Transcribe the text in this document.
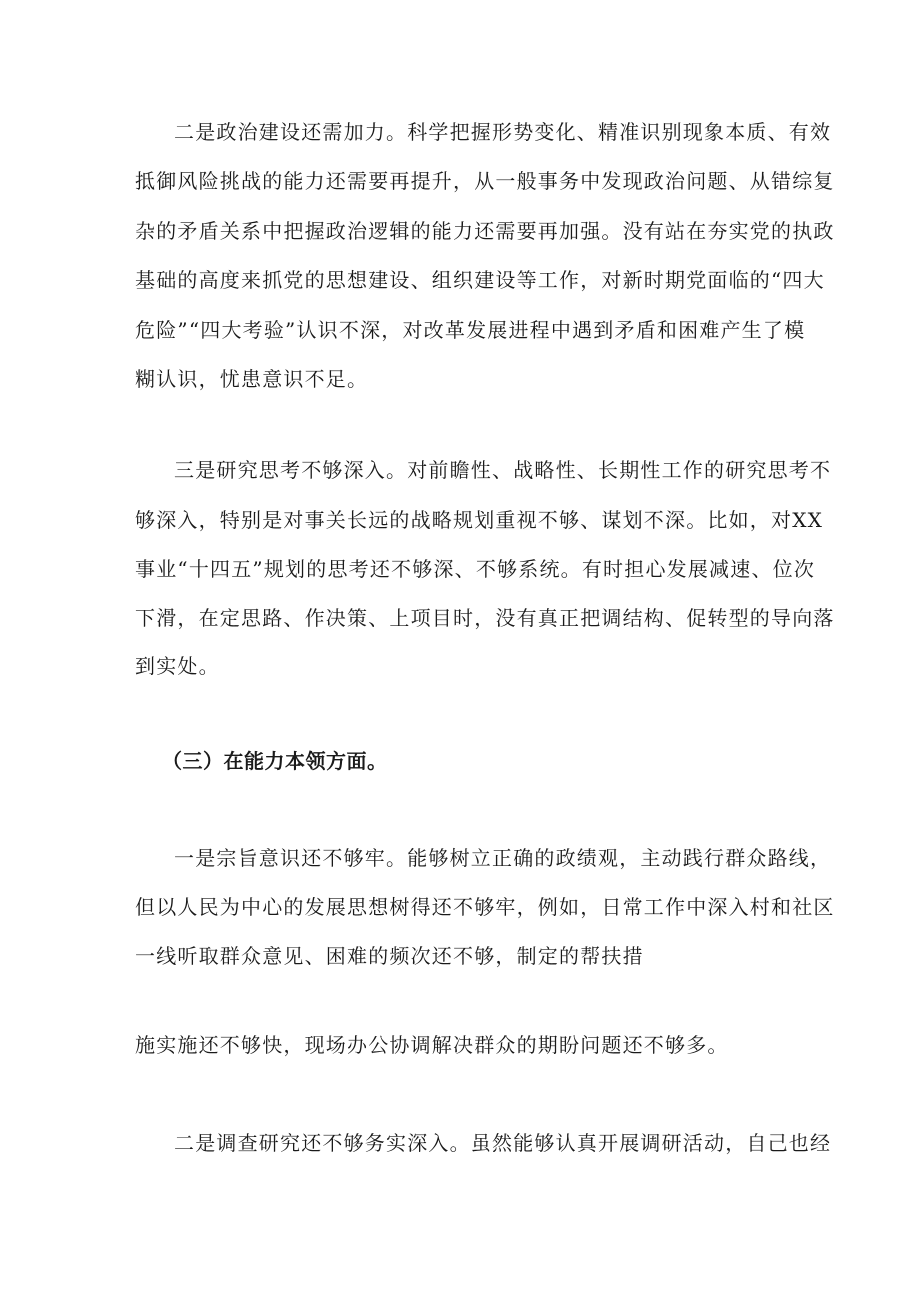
二是政治建设还需加力。科学把握形势变化、精准识别现象本质、有效
抵御风险挑战的能力还需要再提升，从一般事务中发现政治问题、从错综复
杂的矛盾关系中把握政治逻辑的能力还需要再加强。没有站在夯实党的执政
基础的高度来抓党的思想建设、组织建设等工作，对新时期党面临的“四大
危险”“四大考验”认识不深，对改革发展进程中遇到矛盾和困难产生了模
糊认识，忧患意识不足。
三是研究思考不够深入。对前瞻性、战略性、长期性工作的研究思考不
够深入，特别是对事关长远的战略规划重视不够、谋划不深。比如，对XX
事业“十四五”规划的思考还不够深、不够系统。有时担心发展减速、位次
下滑，在定思路、作决策、上项目时，没有真正把调结构、促转型的导向落
到实处。
（三）在能力本领方面。
一是宗旨意识还不够牢。能够树立正确的政绩观，主动践行群众路线，
但以人民为中心的发展思想树得还不够牢，例如，日常工作中深入村和社区
一线听取群众意见、困难的频次还不够，制定的帮扶措
施实施还不够快，现场办公协调解决群众的期盼问题还不够多。
二是调查研究还不够务实深入。虽然能够认真开展调研活动，自己也经
